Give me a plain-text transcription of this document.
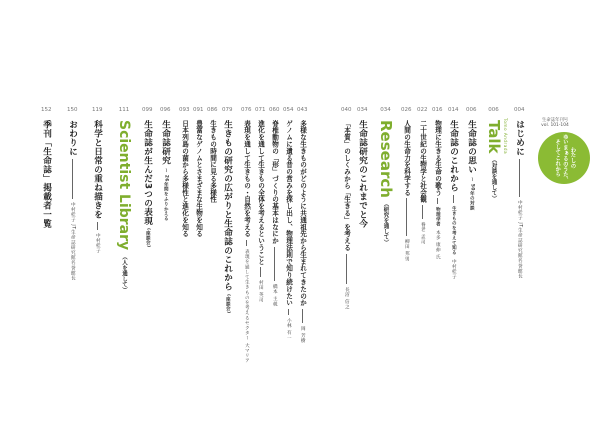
生命誌年刊号
vol. 101-104
わたしの
ゆいまぁるのうた、
そしてこれから
004
はじめに
中村桂子 JT生命誌研究館名誉館長
006
Talk
（対談を通して）
Tomo Andrada
006
生命誌の思い
ー 50年の対談
014
生命誌のこれから
生きものを考えて知る
中村桂子
016
物理に生きる生命の歌う
物理学者
本多 康伸 氏
022
二十世紀の生物学と社会観
養老 孟司
026
人間の生命力を科学する
柳田 邦男
034
Research
（研究を通して）
034
生命誌研究のこれまでと今
040
「本質」のしくみから「生きる」を考える
長沼 信之
043
多様な生きものがどのように共通祖先から生まれてきたのか
岡 芳樹
054
ゲノムに遺る昔の営みを探し出し、物理法則で知り続けたい
小林 有一
060
脊椎動物の「形」づくりの基本はなにか
橋本 主税
071
進化を通して生きもの全体を考えるということ
村田 英司
076
表現を通して生きもの・自然を考える
表現を通して生きものを考えるセクター 大マリア
079
生きもの研究の広がりと生命誌のこれから
(座談会)
086
生きもの時間に見る多様性
091
豊富なゲノムとさまざまな生物を知る
093
日本列島の菌から多様性と進化を知る
096
生命誌研究
ー 26年間をふりかえる
099
生命誌が生んだ3つの表現
(座談会)
111
Scientist Library
（人を通して）
119
科学と日常の重ね描きを
中村桂子
150
おわりに
中村桂子 JT生命誌研究館名誉館長
152
季刊「生命誌」掲載者一覧
